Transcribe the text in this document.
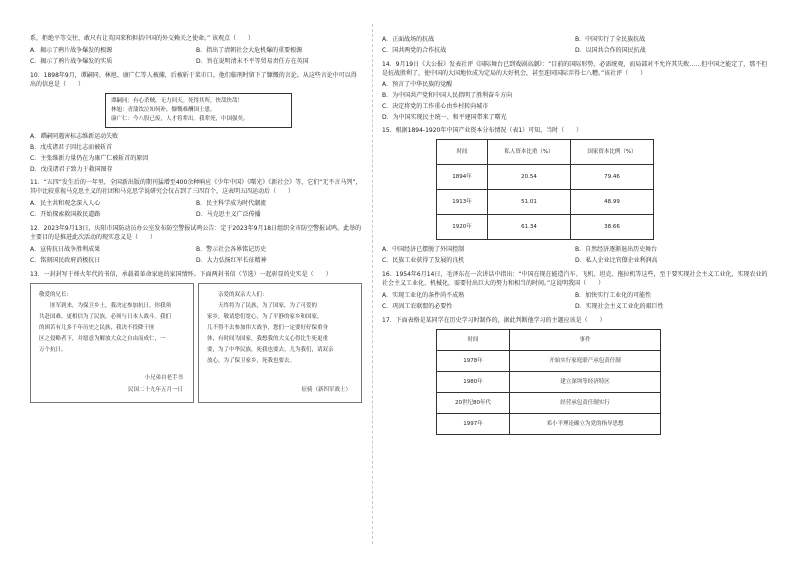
系，拒绝平等交往，敢尺有让英国来和担括中国的外交赖关之使命。” 该观点（　　）

A．揭示了鸦片战争爆发的根源	B．指出了清朝社会大危机爆的重要根源
C．揭示了鸦片战争爆发的实质	D．旨在说明清末不平等贸易责任方在英国

10．1898年9月，谭嗣同、林旭、康广仁等人被捕，后被斩于菜市口。他们临刑时留下了慷慨的言论。从这些言论中可以得出的信息是（　　）

谭嗣同：有心杀贼，无力回天。死得其所，快哉快哉！
林旭：青蒲饮泣知何补，慷慨难酬国士恩。
康广仁：今八股已废，人才将辈出。我辈死，中国强矣。
A．谭嗣同遇害标志维新运动失败
B．戊戌诸君子因壮志而被斩首
C．主张维新力量仍在为康广仁被斩首的原因
D．戊戌诸君子致力于救国图存

11．“五四”发生后的一年里，全国新出版的期刊猛增至400余种响应《少年中国》《曙光》《新社会》等，它们“无不言马列”，其中比较重视马克思主义的社团和马克思学说研究会仅占到了三四百个，这表明五四运动后（　　）

A．民主共和观念深入人心	B．民主科学成为时代潮流
C．开始探索救国救民道路	D．马克思主义广泛传播

12．2023年9月13日，庆阳市国防动员办公室发布防空警报试鸣公告：定于2023年9月18日组织全市防空警报试鸣。此举的主要目的是推进此次活动的现实意义是（　　）

A．宣传抗日战争胜利成果	B．警示社会各界铭记历史
C．铭刻国民政府消极抗日	D．大力弘扬红军长征精神

13．一封封写于烽火年代的书信，承载着革命家庭的家国情怀。下面两封书信（节选）一起彰显的史实是（　　）

敬爱的兄长：
　　匪军到来，为保卫乡土，我决定参加抗日，你我须
共赴国难，更相信为了民族，必须与日本人战斗。我们
的困苦有几多千年历史之民族，我决不投降于匪
区之侵略者下，并愿意为解放大众之自由而成仁，一
万个抗日。
小兄弟自老手书
民国二十九年五月一日
　　亲爱的双亲大人们：
　　天终将为了民族，为了国家，为了可爱的
家乡，敬请您们宽心，为了平静的家乡和国家，
儿不得不去参加伟大战争，您们一定要好好保重身
体，有时间为国家，我想我的大义心得比生死更重
要，为了中华民族，死我也要去。儿为我们，请双亲
放心，为了保卫家乡，死我也要去。
征骑（新四军战士）
A．正面战场的抗战	B．中国实行了全民族抗战
C．国共两党的合作抗战	D．以国共合作的国民抗战

14．9月19日《大公报》发表社评《国际舞台已到戏剧高潮》：“目前的国际形势，必需统观，而局部对不允许其失败……但中国之能定了，那不但是抗战胜利了，使中国的大国地位成为定局的大好机会，甚至连同国际弄得七八糟。”该社评（　　）

A．预言了中华民族的觉醒
B．为中国共产党和中国人民指明了胜利奋斗方向
C．决定将党的工作重心由乡村转向城市
D．为中国实现民主统一、和平建国带来了曙光

15．根据1894-1920年中国产业资本分布情况（表1）可知，当时（　　）

时间	私人资本比重（%）	国家资本比例（%）
1894年	20.54	79.46
1913年	51.01	48.99
1920年	61.34	38.66
A．中国经济已摆脱了外国控制	B．自然经济逐渐退出历史舞台
C．民族工业获得了发展的良机	D．私人企业比官僚企业利润高

16．1954年6月14日，毛泽东在一次讲话中指出：“中国在现在能造汽车、飞机、坦克、拖拉机等这些，至于要实现社会主义工业化，实现农业的社会主义工业化、机械化，需要付出巨大的努力和相当的时间。”这说明我国（　　）

A．实现工业化的条件尚不成熟	B．加快实行工业化的可能性
C．巩固工农联盟的必要性	D．实现社会主义工业化的艰巨性

17．下面表格是某同学在历史学习时制作的，据此判断他学习的主题应该是（　　）

时间	事件
1978年	开始实行家庭联产承包责任制
1980年	建立深圳等经济特区
20世纪80年代	经营承包责任制实行
1997年	邓小平理论确立为党的指导思想
